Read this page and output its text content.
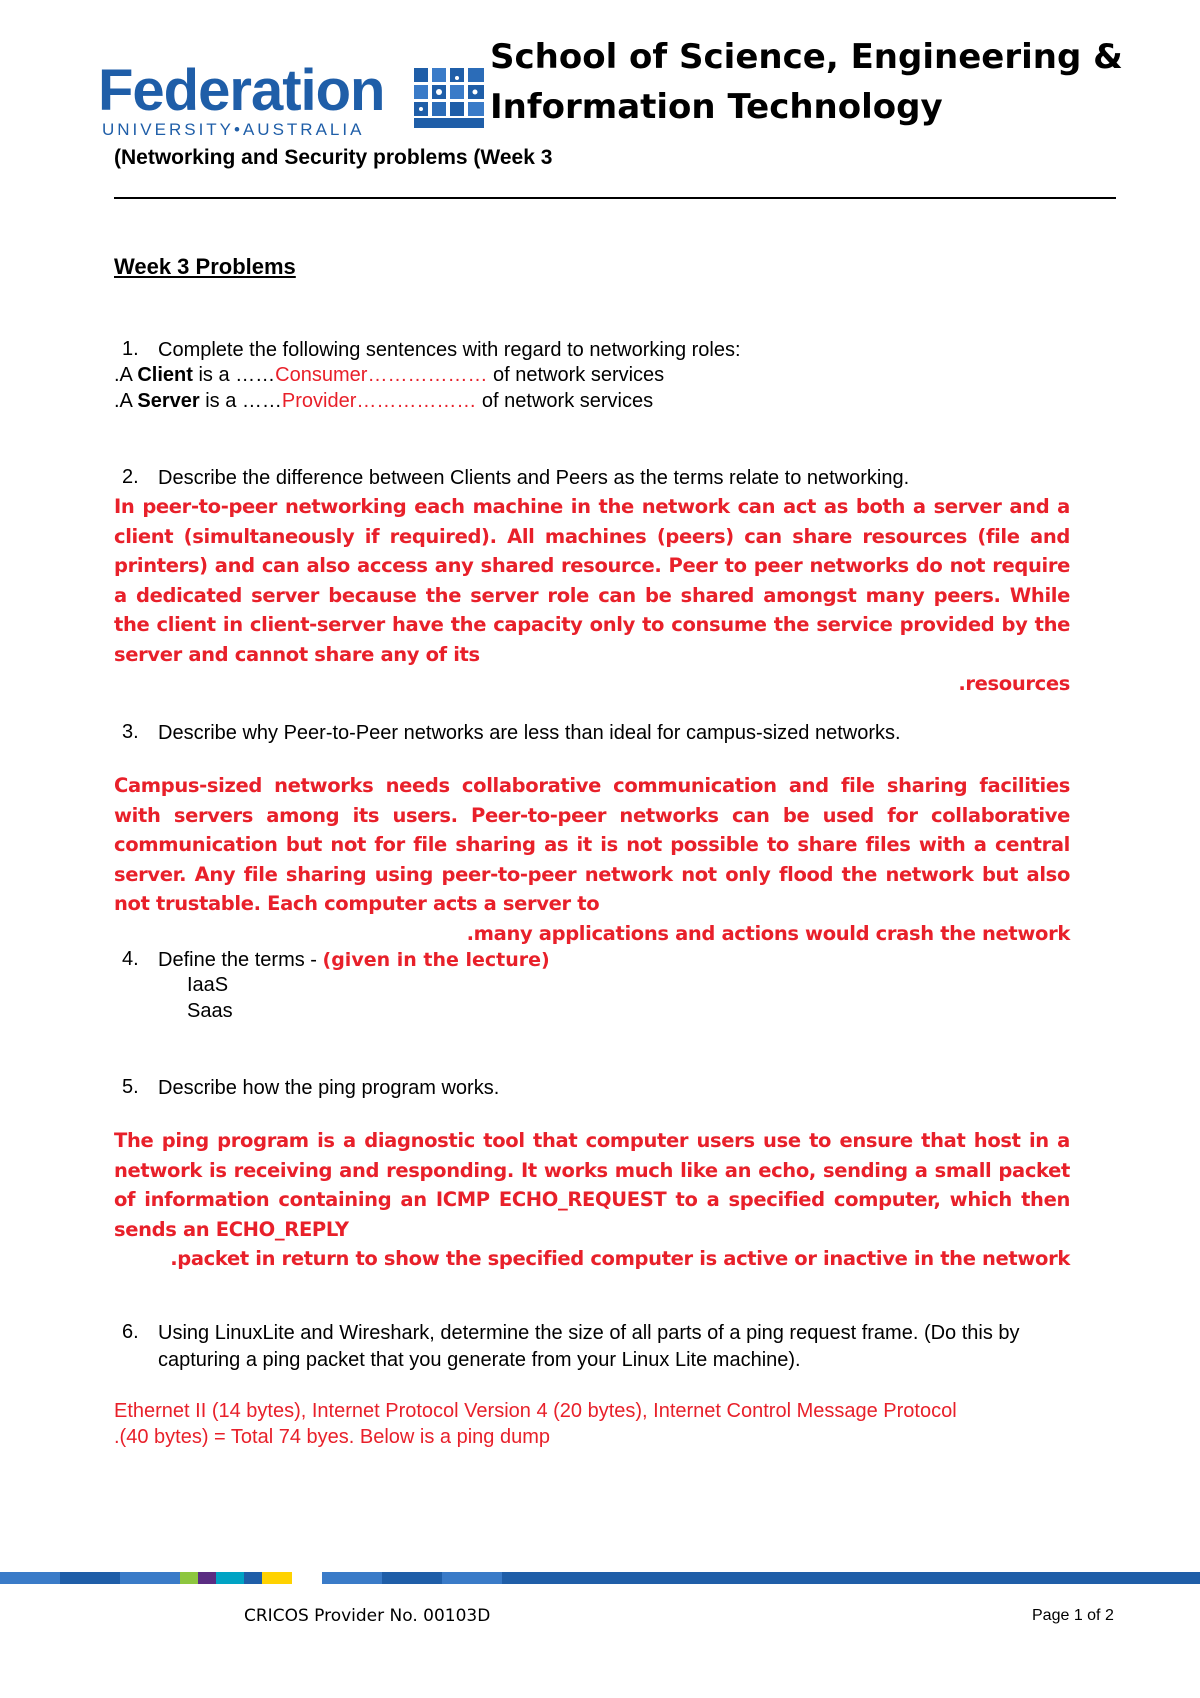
Federation
UNIVERSITY•AUSTRALIA
School of Science, Engineering &
Information Technology
(Networking and Security problems (Week 3
Week 3 Problems
1. Complete the following sentences with regard to networking roles:
.A Client is a ……Consumer……………… of network services
.A Server is a ……Provider……………… of network services
2. Describe the difference between Clients and Peers as the terms relate to networking.
In peer-to-peer networking each machine in the network can act as both a server and a client (simultaneously if required). All machines (peers) can share resources (file and printers) and can also access any shared resource. Peer to peer networks do not require a dedicated server because the server role can be shared amongst many peers. While the client in client-server have the capacity only to consume the service provided by the server and cannot share any of its
.resources
3. Describe why Peer-to-Peer networks are less than ideal for campus-sized networks.
Campus-sized networks needs collaborative communication and file sharing facilities with servers among its users. Peer-to-peer networks can be used for collaborative communication but not for file sharing as it is not possible to share files with a central server. Any file sharing using peer-to-peer network not only flood the network but also not trustable. Each computer acts a server to
.many applications and actions would crash the network
4. Define the terms - (given in the lecture)
IaaS
Saas
5. Describe how the ping program works.
The ping program is a diagnostic tool that computer users use to ensure that host in a network is receiving and responding. It works much like an echo, sending a small packet of information containing an ICMP ECHO_REQUEST to a specified computer, which then sends an ECHO_REPLY
.packet in return to show the specified computer is active or inactive in the network
6. Using LinuxLite and Wireshark, determine the size of all parts of a ping request frame. (Do this by
capturing a ping packet that you generate from your Linux Lite machine).
Ethernet II (14 bytes), Internet Protocol Version 4 (20 bytes), Internet Control Message Protocol
.(40 bytes) = Total 74 byes. Below is a ping dump
CRICOS Provider No. 00103D	Page 1 of 2
